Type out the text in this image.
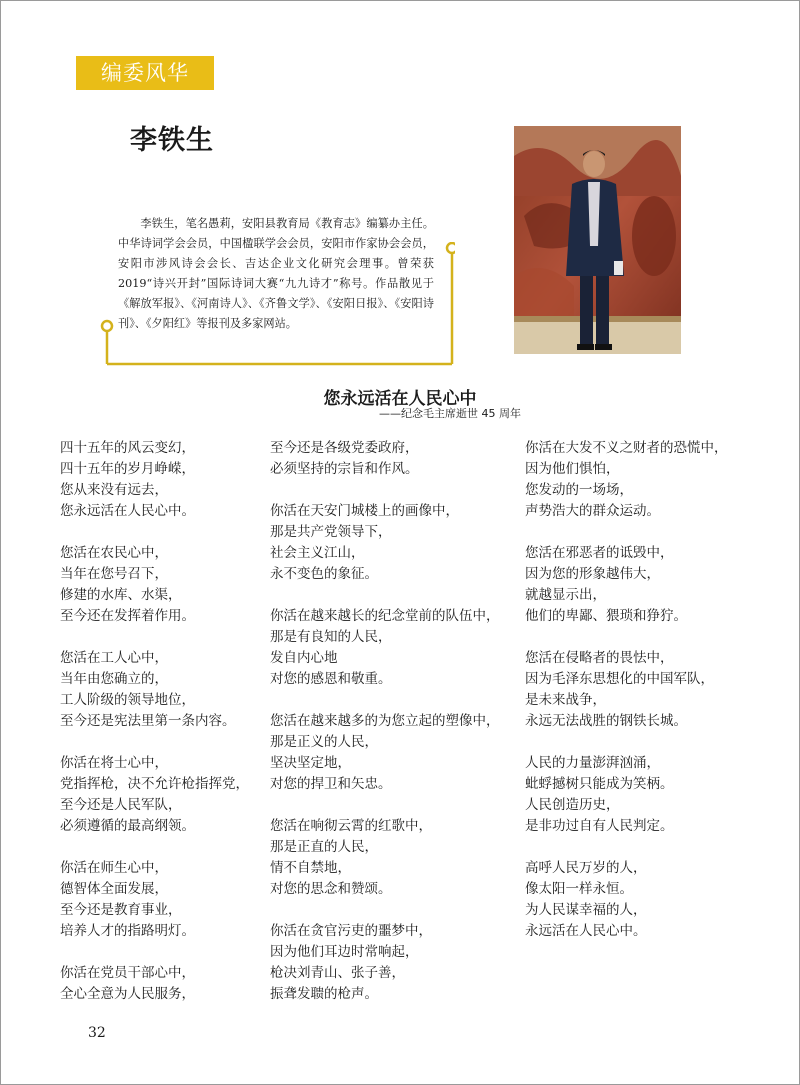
编委风华
李铁生
李铁生，笔名愚莉，安阳县教育局《教育志》编纂办主任。中华诗词学会会员，中国楹联学会会员，安阳市作家协会会员，安阳市涉风诗会会长、吉达企业文化研究会理事。曾荣获2019“诗兴开封”国际诗词大赛“九九诗才”称号。作品散见于《解放军报》、《河南诗人》、《齐鲁文学》、《安阳日报》、《安阳诗刊》、《夕阳红》等报刊及多家网站。
您永远活在人民心中
——纪念毛主席逝世 45 周年
四十五年的风云变幻，
四十五年的岁月峥嵘，
您从来没有远去，
您永远活在人民心中。
您活在农民心中，
当年在您号召下，
修建的水库、水渠，
至今还在发挥着作用。
您活在工人心中，
当年由您确立的，
工人阶级的领导地位，
至今还是宪法里第一条内容。
你活在将士心中，
党指挥枪，决不允许枪指挥党，
至今还是人民军队，
必须遵循的最高纲领。
你活在师生心中，
德智体全面发展，
至今还是教育事业，
培养人才的指路明灯。
你活在党员干部心中，
全心全意为人民服务，
至今还是各级党委政府，
必须坚持的宗旨和作风。
你活在天安门城楼上的画像中，
那是共产党领导下，
社会主义江山，
永不变色的象征。
你活在越来越长的纪念堂前的队伍中，
那是有良知的人民，
发自内心地
对您的感恩和敬重。
您活在越来越多的为您立起的塑像中，
那是正义的人民，
坚决坚定地，
对您的捍卫和矢忠。
您活在响彻云霄的红歌中，
那是正直的人民，
情不自禁地，
对您的思念和赞颂。
你活在贪官污吏的噩梦中，
因为他们耳边时常响起，
枪决刘青山、张子善，
振聋发聩的枪声。
你活在大发不义之财者的恐慌中，
因为他们惧怕，
您发动的一场场，
声势浩大的群众运动。
您活在邪恶者的诋毁中，
因为您的形象越伟大，
就越显示出，
他们的卑鄙、猥琐和狰狞。
您活在侵略者的畏怯中，
因为毛泽东思想化的中国军队，
是未来战争，
永远无法战胜的钢铁长城。
人民的力量澎湃汹涌，
蚍蜉撼树只能成为笑柄。
人民创造历史，
是非功过自有人民判定。
高呼人民万岁的人，
像太阳一样永恒。
为人民谋幸福的人，
永远活在人民心中。
32
